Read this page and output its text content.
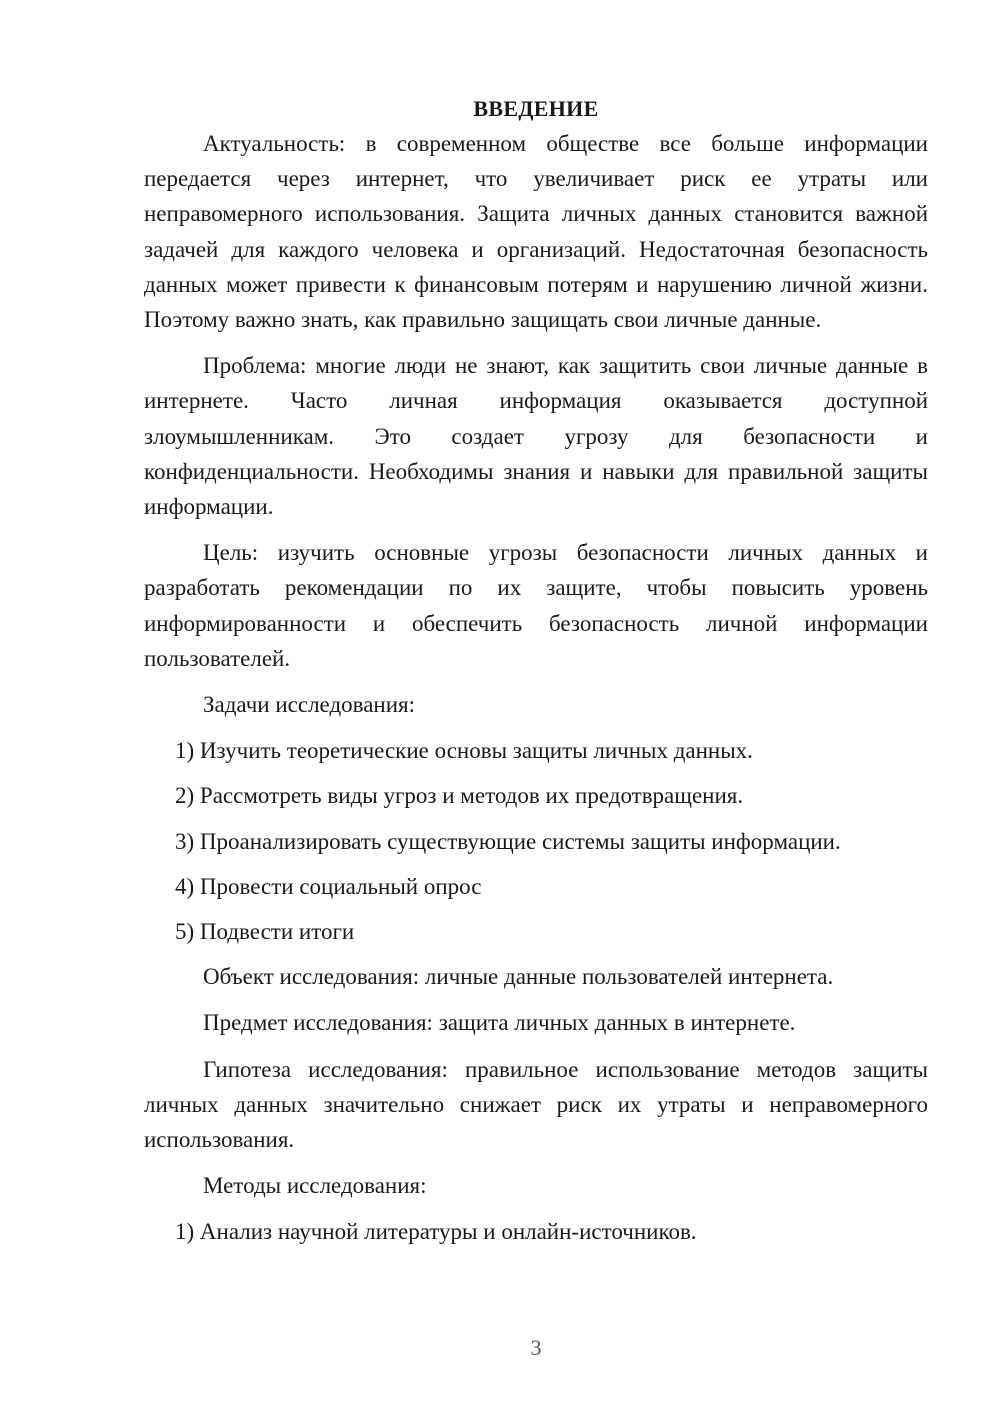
ВВЕДЕНИЕ

Актуальность: в современном обществе все больше информации передается через интернет, что увеличивает риск ее утраты или неправомерного использования. Защита личных данных становится важной задачей для каждого человека и организаций. Недостаточная безопасность данных может привести к финансовым потерям и нарушению личной жизни. Поэтому важно знать, как правильно защищать свои личные данные.

Проблема: многие люди не знают, как защитить свои личные данные в интернете. Часто личная информация оказывается доступной злоумышленникам. Это создает угрозу для безопасности и конфиденциальности. Необходимы знания и навыки для правильной защиты информации.

Цель: изучить основные угрозы безопасности личных данных и разработать рекомендации по их защите, чтобы повысить уровень информированности и обеспечить безопасность личной информации пользователей.

Задачи исследования:

1) Изучить теоретические основы защиты личных данных.

2) Рассмотреть виды угроз и методов их предотвращения.

3) Проанализировать существующие системы защиты информации.

4) Провести социальный опрос

5) Подвести итоги

Объект исследования: личные данные пользователей интернета.

Предмет исследования: защита личных данных в интернете.

Гипотеза исследования: правильное использование методов защиты личных данных значительно снижает риск их утраты и неправомерного использования.

Методы исследования:

1) Анализ научной литературы и онлайн-источников.

3
